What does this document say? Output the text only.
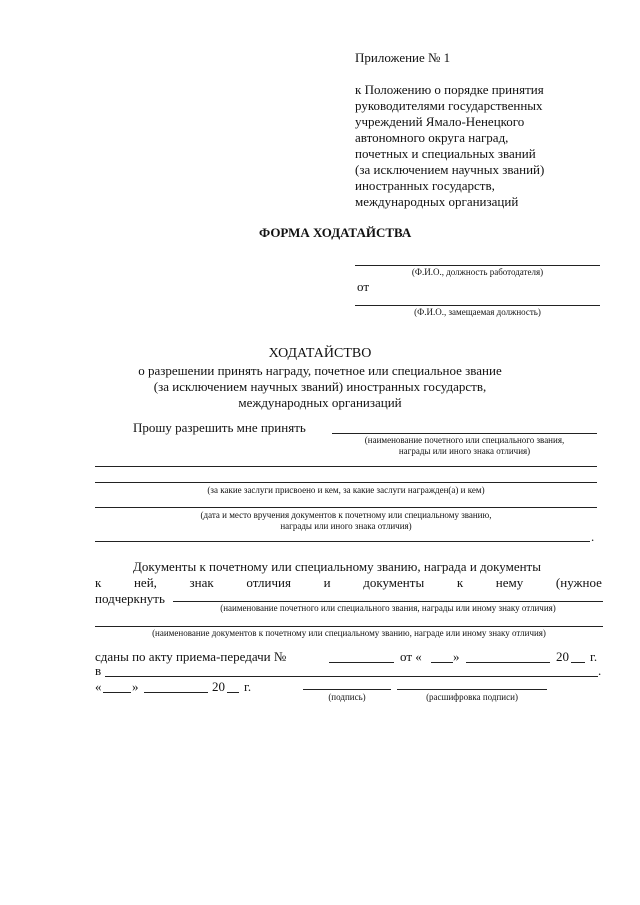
Приложение № 1
к Положению о порядке принятия
руководителями государственных
учреждений Ямало-Ненецкого
автономного округа наград,
почетных и специальных званий
(за исключением научных званий)
иностранных государств,
международных организаций
ФОРМА ХОДАТАЙСТВА
(Ф.И.О., должность работодателя)
от
(Ф.И.О., замещаемая должность)
ХОДАТАЙСТВО
о разрешении принять награду, почетное или специальное звание
(за исключением научных званий) иностранных государств,
международных организаций
Прошу разрешить мне принять
(наименование почетного или специального звания,
награды или иного знака отличия)
(за какие заслуги присвоено и кем, за какие заслуги награжден(а) и кем)
(дата и место вручения документов к почетному или специальному званию,
награды или иного знака отличия)
.
Документы к почетному или специальному званию, награда и документы
к	ней,	знак	отличия	и	документы	к	нему	(нужное
подчеркнуть
(наименование почетного или специального звания, награды или иному знаку отличия)
(наименование документов к почетному или специальному званию, награде или иному знаку отличия)
сданы по акту приема-передачи №	от « »	20 г.
в	.
« »	20 г.
(подпись)	(расшифровка подписи)
